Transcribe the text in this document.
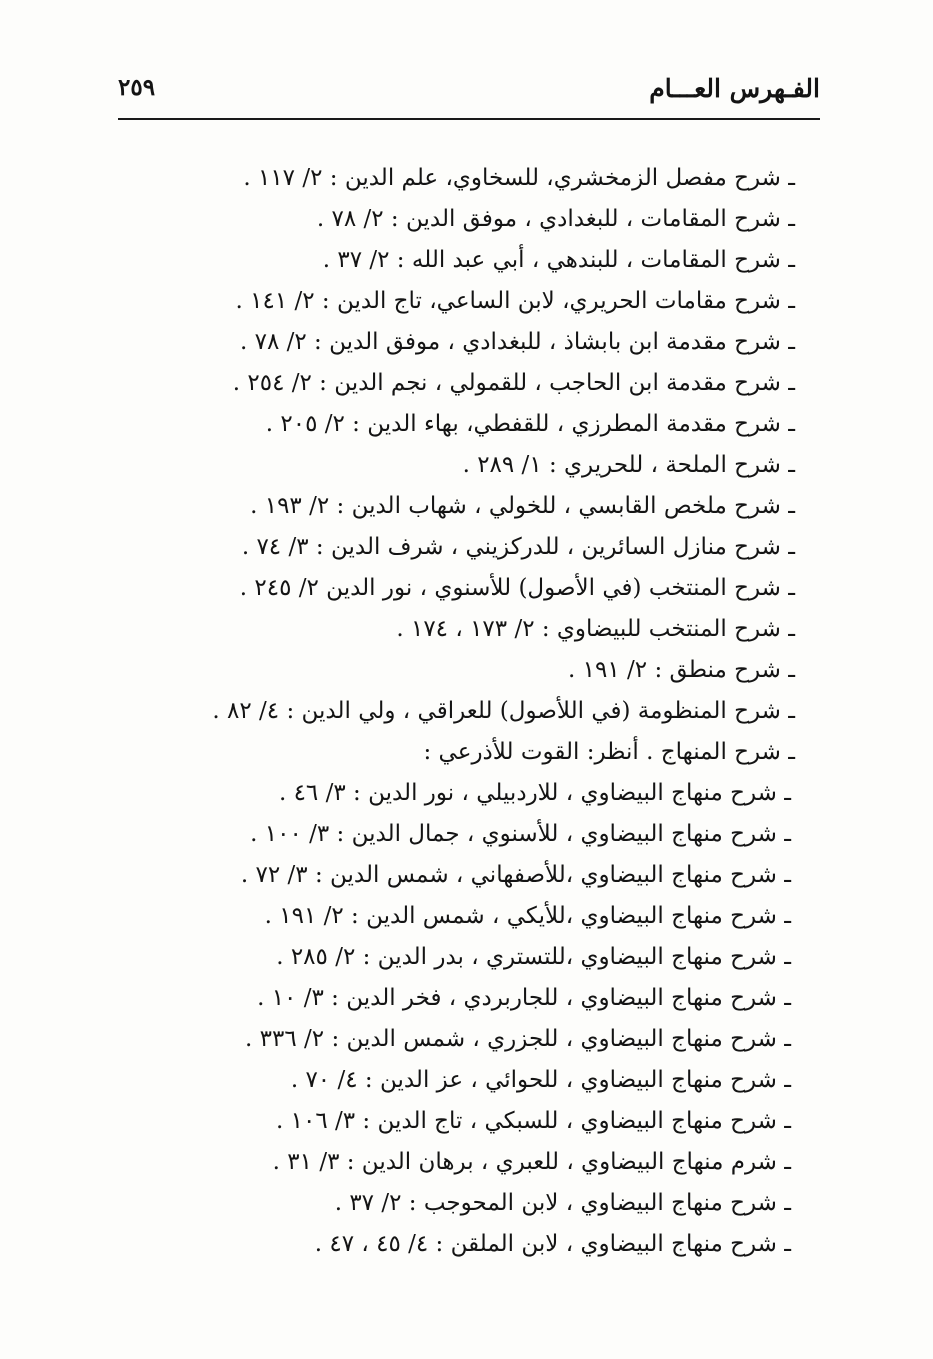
الفـهرس العـــام
٢٥٩
ـ شرح مفصل الزمخشري، للسخاوي، علم الدين : ٢/ ١١٧ .
ـ شرح المقامات ، للبغدادي ، موفق الدين : ٢/ ٧٨ .
ـ شرح المقامات ، للبندهي ، أبي عبد الله : ٢/ ٣٧ .
ـ شرح مقامات الحريري، لابن الساعي، تاج الدين : ٢/ ١٤١ .
ـ شرح مقدمة ابن بابشاذ ، للبغدادي ، موفق الدين : ٢/ ٧٨ .
ـ شرح مقدمة ابن الحاجب ، للقمولي ، نجم الدين : ٢/ ٢٥٤ .
ـ شرح مقدمة المطرزي ، للقفطي، بهاء الدين : ٢/ ٢٠٥ .
ـ شرح الملحة ، للحريري : ١/ ٢٨٩ .
ـ شرح ملخص القابسي ، للخولي ، شهاب الدين : ٢/ ١٩٣ .
ـ شرح منازل السائرين ، للدركزيني ، شرف الدين : ٣/ ٧٤ .
ـ شرح المنتخب (في الأصول) للأسنوي ، نور الدين ٢/ ٢٤٥ .
ـ شرح المنتخب للبيضاوي : ٢/ ١٧٣ ، ١٧٤ .
ـ شرح منطق : ٢/ ١٩١ .
ـ شرح المنظومة (في اللأصول) للعراقي ، ولي الدين : ٤/ ٨٢ .
ـ شرح المنهاج . أنظر: القوت للأذرعي :
ـ شرح منهاج البيضاوي ، للاردبيلي ، نور الدين : ٣/ ٤٦ .
ـ شرح منهاج البيضاوي ، للأسنوي ، جمال الدين : ٣/ ١٠٠ .
ـ شرح منهاج البيضاوي ،للأصفهاني ، شمس الدين : ٣/ ٧٢ .
ـ شرح منهاج البيضاوي ،للأيكي ، شمس الدين : ٢/ ١٩١ .
ـ شرح منهاج البيضاوي ،للتستري ، بدر الدين : ٢/ ٢٨٥ .
ـ شرح منهاج البيضاوي ، للجاربردي ، فخر الدين : ٣/ ١٠ .
ـ شرح منهاج البيضاوي ، للجزري ، شمس الدين : ٢/ ٣٣٦ .
ـ شرح منهاج البيضاوي ، للحوائي ، عز الدين : ٤/ ٧٠ .
ـ شرح منهاج البيضاوي ، للسبكي ، تاج الدين : ٣/ ١٠٦ .
ـ شرم منهاج البيضاوي ، للعبري ، برهان الدين : ٣/ ٣١ .
ـ شرح منهاج البيضاوي ، لابن المحوجب : ٢/ ٣٧ .
ـ شرح منهاج البيضاوي ، لابن الملقن : ٤/ ٤٥ ، ٤٧ .
